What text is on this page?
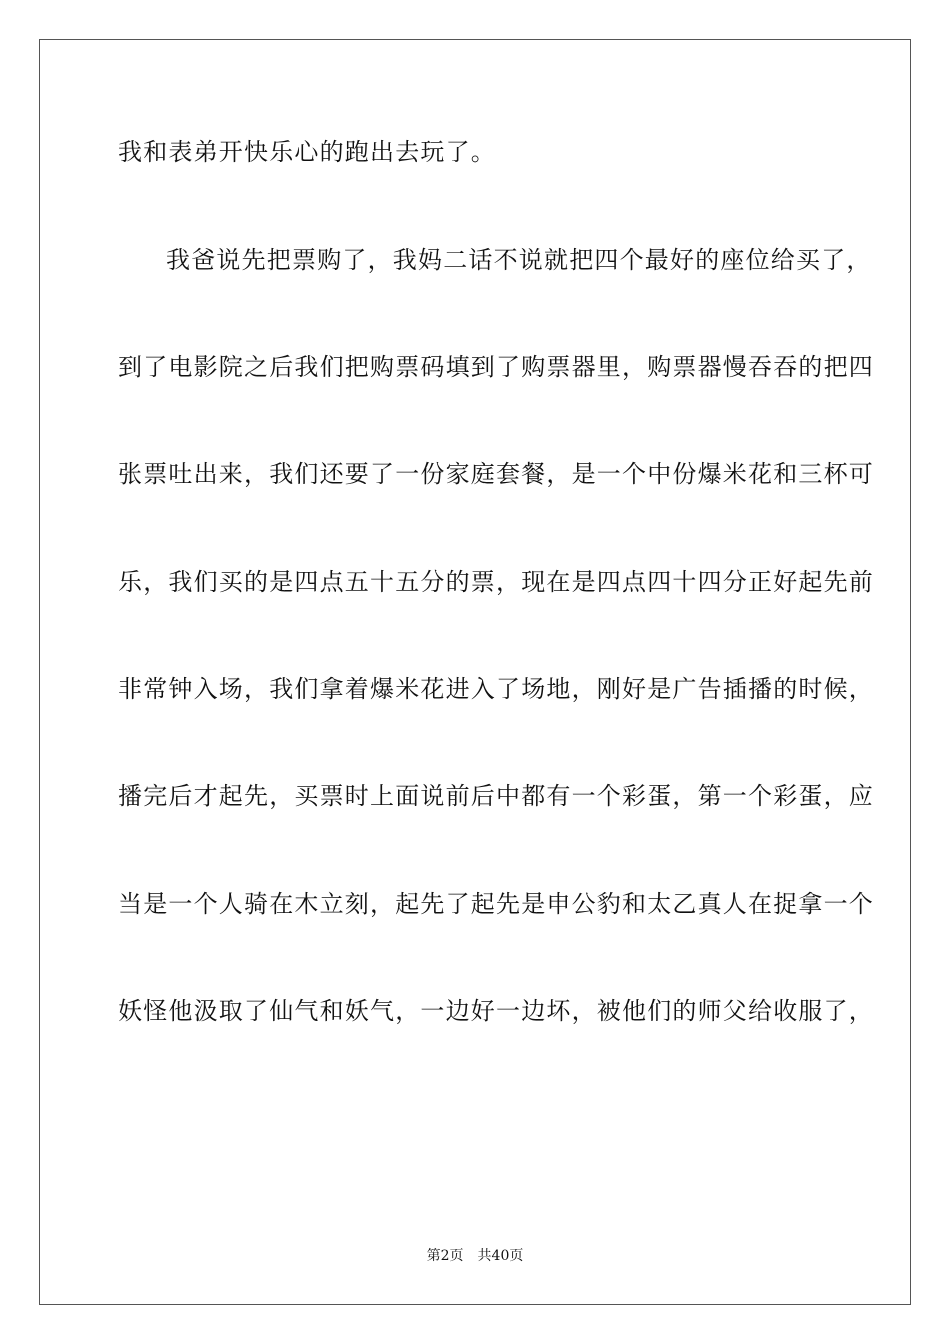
我和表弟开快乐心的跑出去玩了。
我爸说先把票购了，我妈二话不说就把四个最好的座位给买了，
到了电影院之后我们把购票码填到了购票器里，购票器慢吞吞的把四
张票吐出来，我们还要了一份家庭套餐，是一个中份爆米花和三杯可
乐，我们买的是四点五十五分的票，现在是四点四十四分正好起先前
非常钟入场，我们拿着爆米花进入了场地，刚好是广告插播的时候，
播完后才起先，买票时上面说前后中都有一个彩蛋，第一个彩蛋，应
当是一个人骑在木立刻，起先了起先是申公豹和太乙真人在捉拿一个
妖怪他汲取了仙气和妖气，一边好一边坏，被他们的师父给收服了，
第2页 共40页
